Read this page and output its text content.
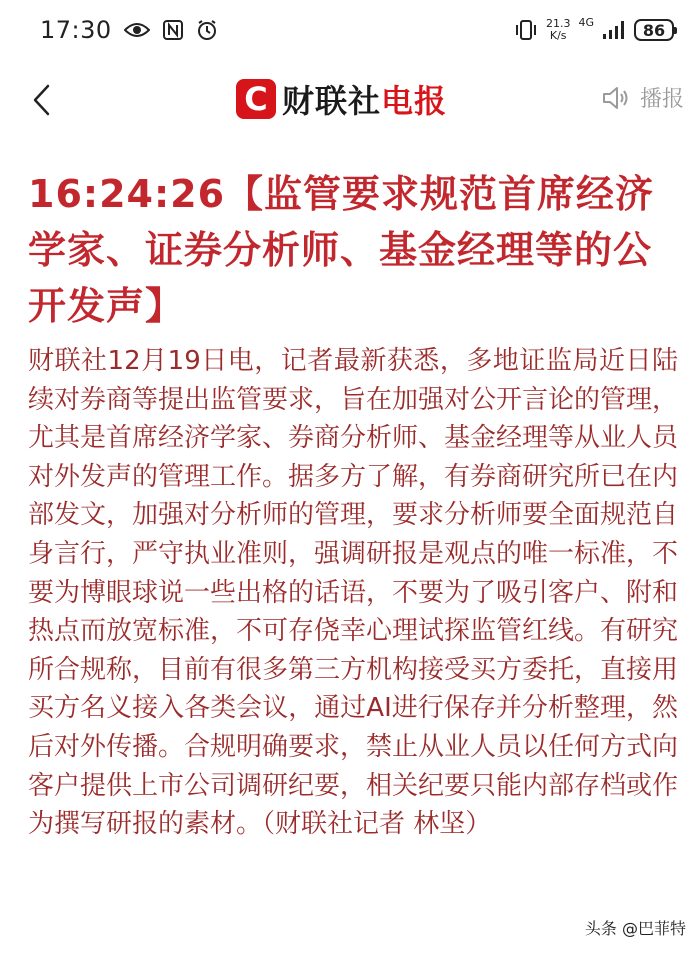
17:30	21.3
K/s
4G	86
C 财联社电报	播报
16:24:26【监管要求规范首席经济学家、证券分析师、基金经理等的公开发声】

财联社12月19日电，记者最新获悉，多地证监局近日陆续对券商等提出监管要求，旨在加强对公开言论的管理，尤其是首席经济学家、券商分析师、基金经理等从业人员对外发声的管理工作。据多方了解，有券商研究所已在内部发文，加强对分析师的管理，要求分析师要全面规范自身言行，严守执业准则，强调研报是观点的唯一标准，不要为博眼球说一些出格的话语，不要为了吸引客户、附和热点而放宽标准，不可存侥幸心理试探监管红线。有研究所合规称，目前有很多第三方机构接受买方委托，直接用买方名义接入各类会议，通过AI进行保存并分析整理，然后对外传播。合规明确要求，禁止从业人员以任何方式向客户提供上市公司调研纪要，相关纪要只能内部存档或作为撰写研报的素材。（财联社记者 林坚）

头条 @巴菲特
